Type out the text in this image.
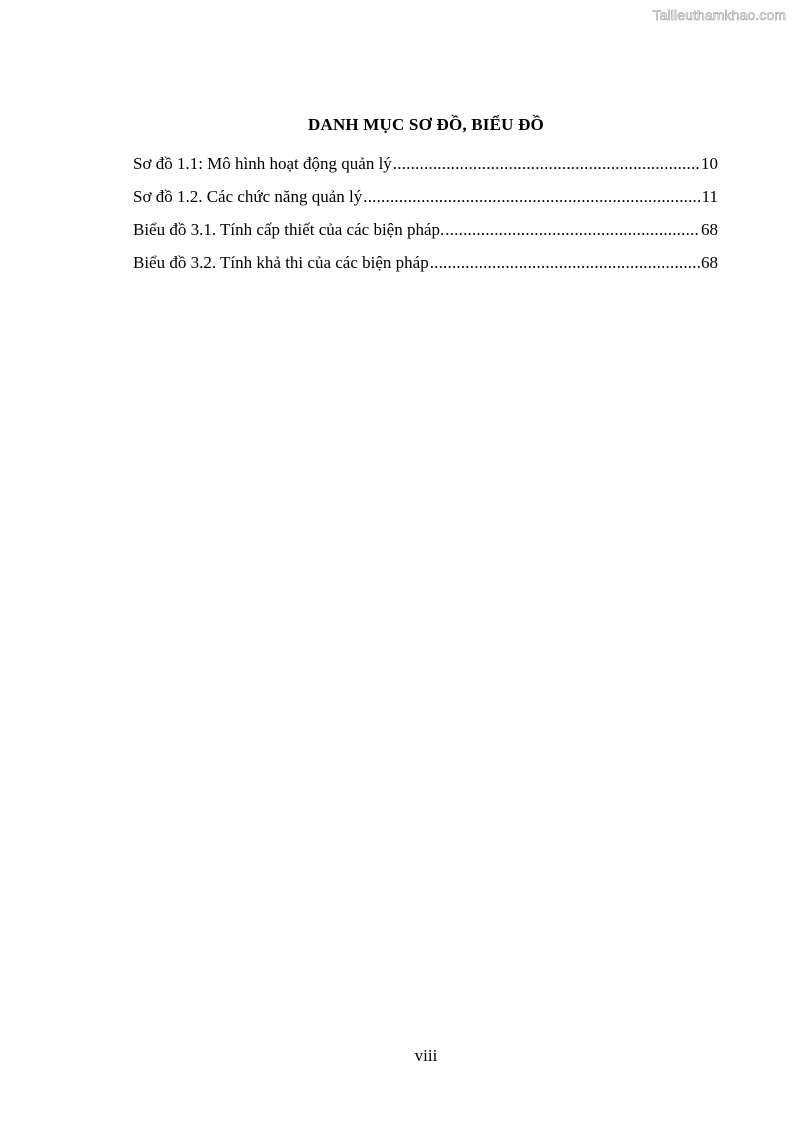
Tailieuthamkhao.com
DANH MỤC SƠ ĐỒ, BIỂU ĐỒ
Sơ đồ 1.1: Mô hình hoạt động quản lý .....	10
Sơ đồ 1.2. Các chức năng quản lý .....	11
Biểu đồ 3.1. Tính cấp thiết của các biện pháp. .....	68
Biểu đồ 3.2. Tính khả thi của các biện pháp .....	68
viii
